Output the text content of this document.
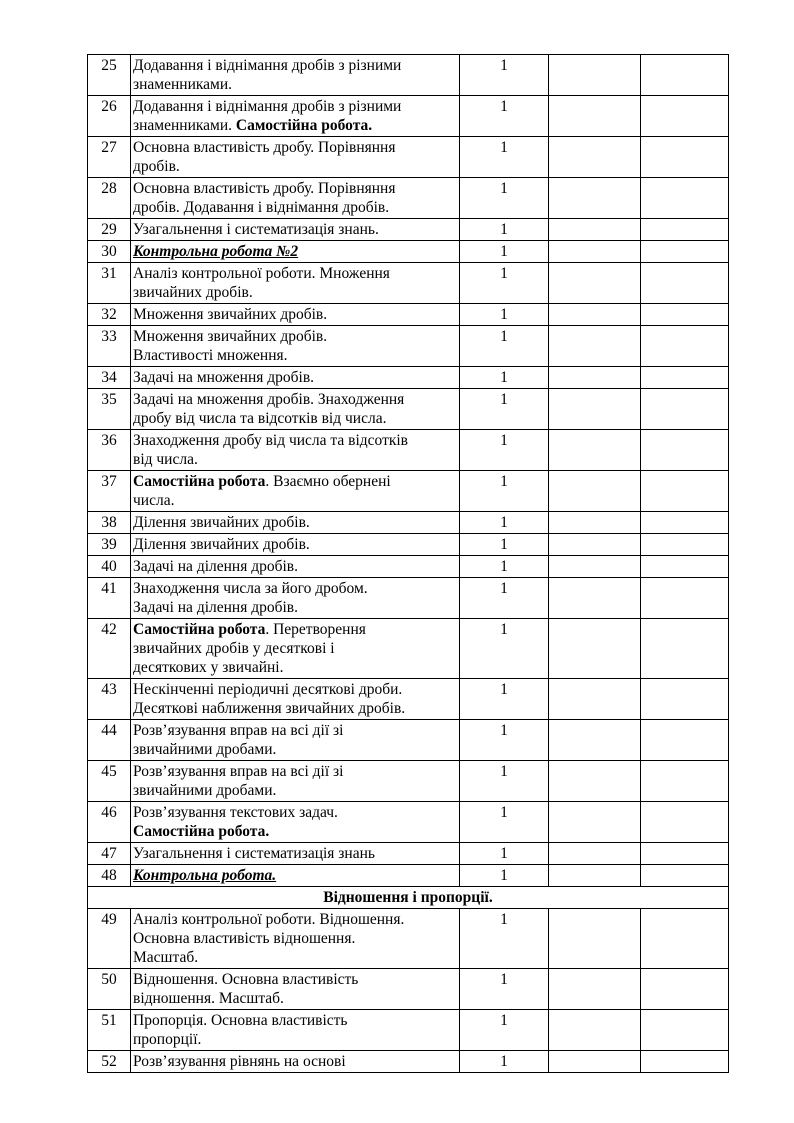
25	Додавання і віднімання дробів з різними
знаменниками.	1		
26	Додавання і віднімання дробів з різними
знаменниками. Самостійна робота.	1		
27	Основна властивість дробу. Порівняння
дробів.	1		
28	Основна властивість дробу. Порівняння
дробів. Додавання і віднімання дробів.	1		
29	Узагальнення і систематизація знань.	1		
30	Контрольна робота №2	1		
31	Аналіз контрольної роботи. Множення
звичайних дробів.	1		
32	Множення звичайних дробів.	1		
33	Множення звичайних дробів.
Властивості множення.	1		
34	Задачі на множення дробів.	1		
35	Задачі на множення дробів. Знаходження
дробу від числа та відсотків від числа.	1		
36	Знаходження дробу від числа та відсотків
від числа.	1		
37	Самостійна робота. Взаємно обернені
числа.	1		
38	Ділення звичайних дробів.	1		
39	Ділення звичайних дробів.	1		
40	Задачі на ділення дробів.	1		
41	Знаходження числа за його дробом.
Задачі на ділення дробів.	1		
42	Самостійна робота. Перетворення
звичайних дробів у десяткові і
десяткових у звичайні.	1		
43	Нескінченні періодичні десяткові дроби.
Десяткові наближення звичайних дробів.	1		
44	Розв’язування вправ на всі дії зі
звичайними дробами.	1		
45	Розв’язування вправ на всі дії зі
звичайними дробами.	1		
46	Розв’язування текстових задач.
Самостійна робота.	1		
47	Узагальнення і систематизація знань	1		
48	Контрольна робота.	1		
Відношення і пропорції.				
49	Аналіз контрольної роботи. Відношення.
Основна властивість відношення.
Масштаб.	1		
50	Відношення. Основна властивість
відношення. Масштаб.	1		
51	Пропорція. Основна властивість
пропорції.	1		
52	Розв’язування рівнянь на основі	1		
